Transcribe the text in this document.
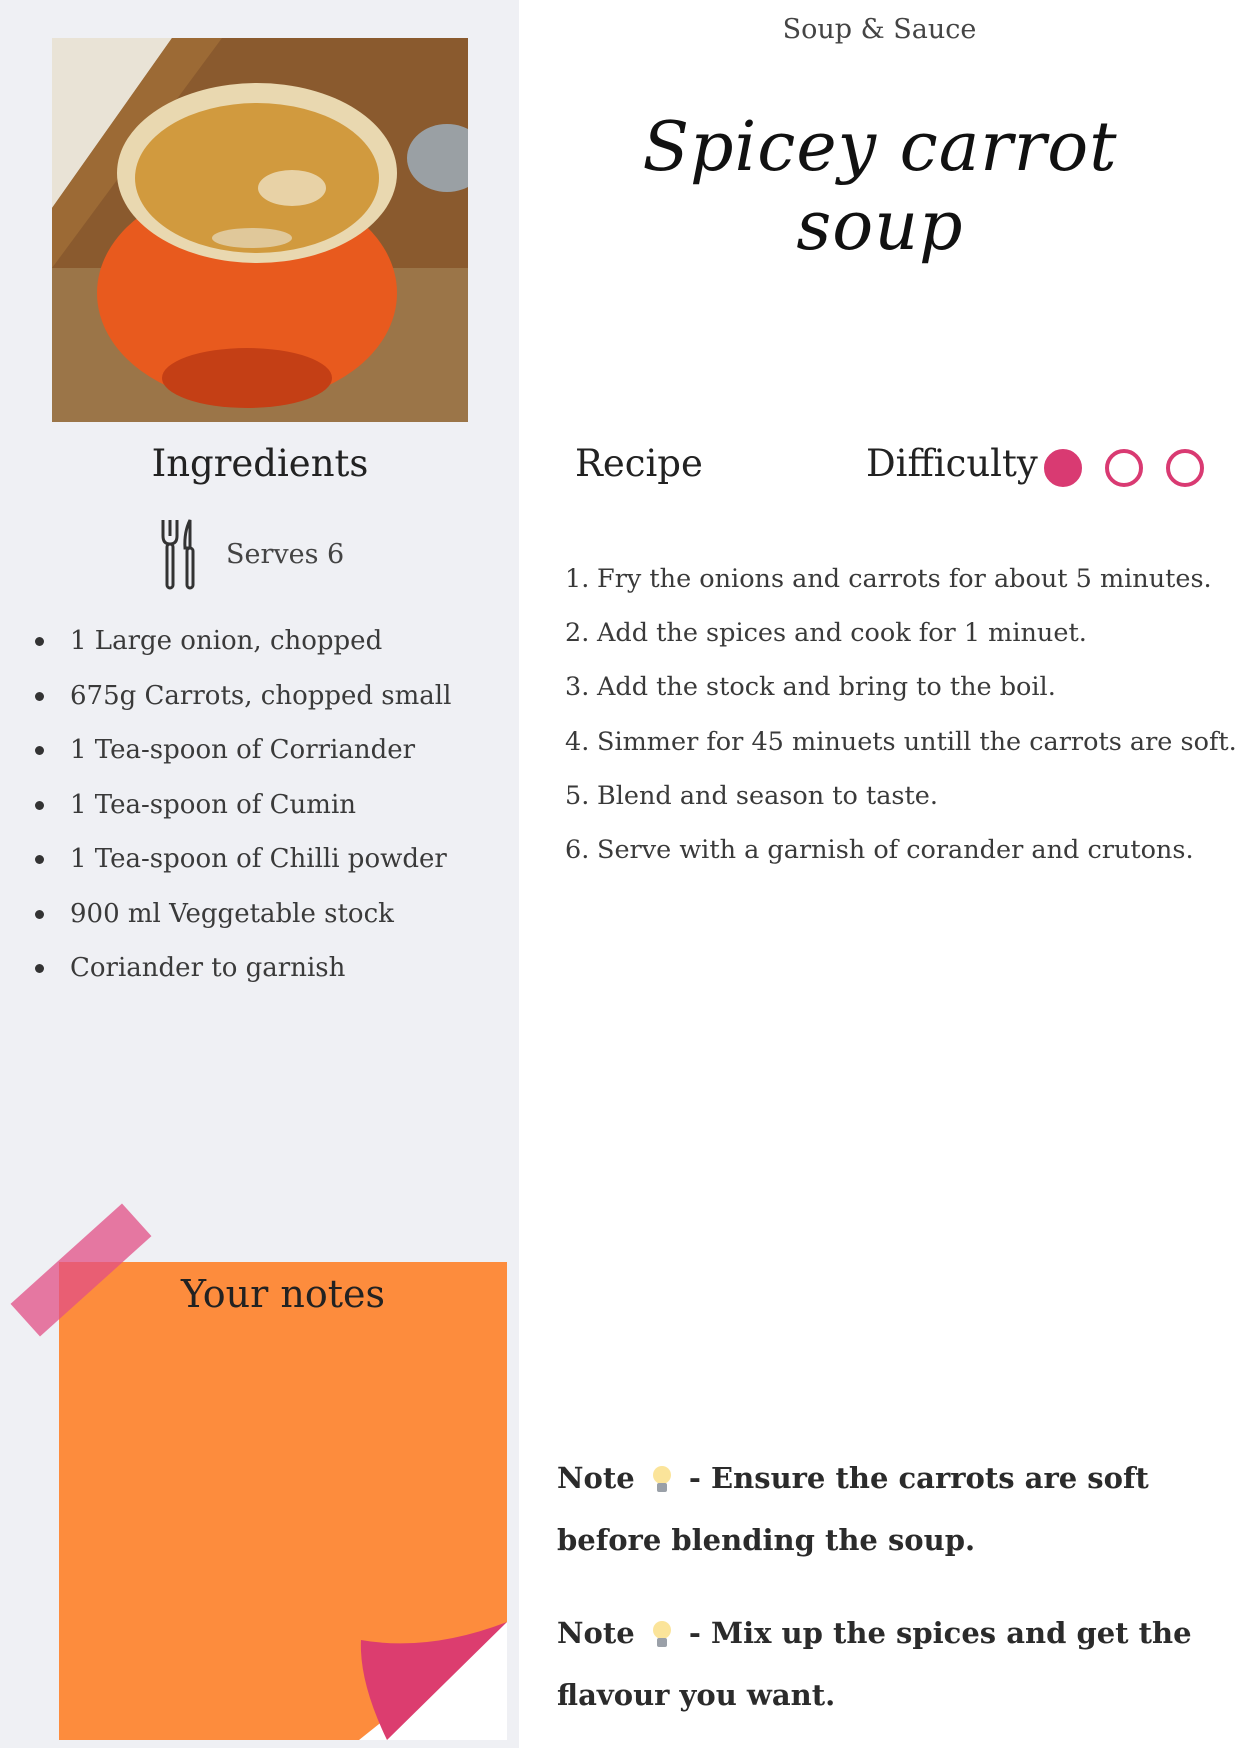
Ingredients
Serves 6
1 Large onion, chopped
675g Carrots, chopped small
1 Tea-spoon of Corriander
1 Tea-spoon of Cumin
1 Tea-spoon of Chilli powder
900 ml Veggetable stock
Coriander to garnish
Your notes
Soup & Sauce
Spicey carrot soup
Recipe	Difficulty
1. Fry the onions and carrots for about 5 minutes.
2. Add the spices and cook for 1 minuet.
3. Add the stock and bring to the boil.
4. Simmer for 45 minuets untill the carrots are soft.
5. Blend and season to taste.
6. Serve with a garnish of corander and crutons.
Note - Ensure the carrots are soft before blending the soup.
Note - Mix up the spices and get the flavour you want.
